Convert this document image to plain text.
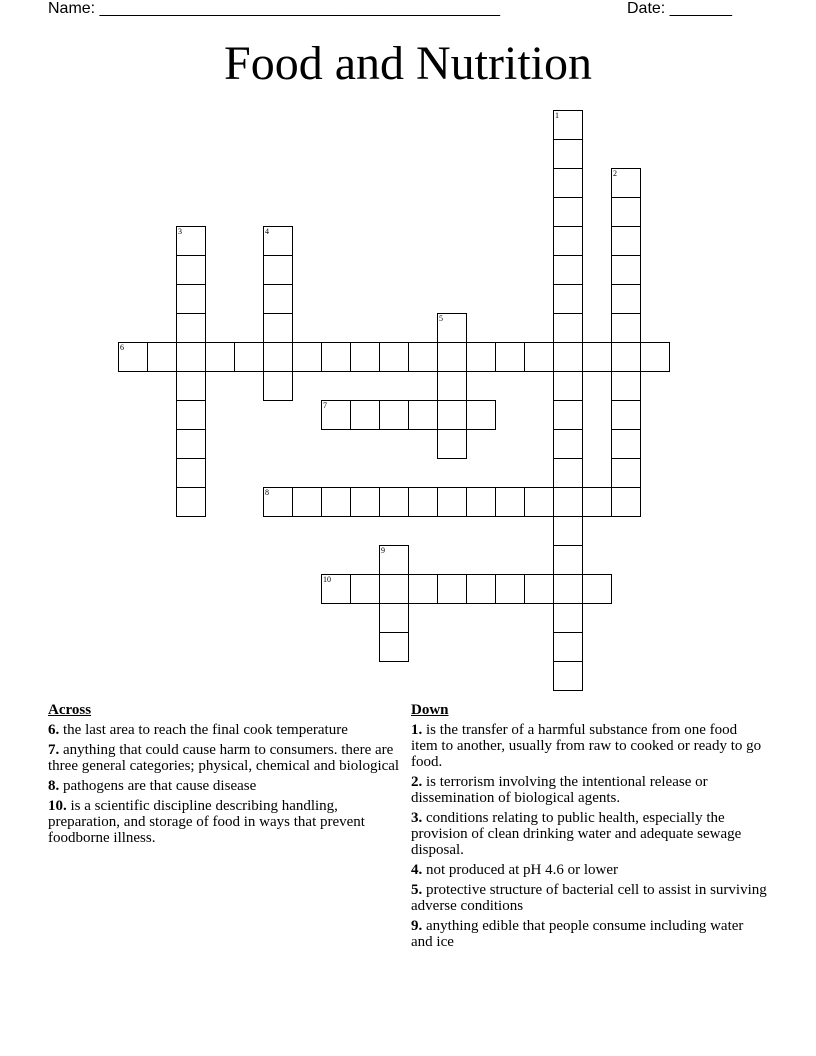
Name: _____________________________________________	Date: _______
Food and Nutrition
1
2
3	4
5
6
7
8
9
10
Across
6. the last area to reach the final cook temperature
7. anything that could cause harm to consumers. there are three general categories; physical, chemical and biological
8. pathogens are that cause disease
10. is a scientific discipline describing handling, preparation, and storage of food in ways that prevent foodborne illness.
Down
1. is the transfer of a harmful substance from one food item to another, usually from raw to cooked or ready to go food.
2. is terrorism involving the intentional release or dissemination of biological agents.
3. conditions relating to public health, especially the provision of clean drinking water and adequate sewage disposal.
4. not produced at pH 4.6 or lower
5. protective structure of bacterial cell to assist in surviving adverse conditions
9. anything edible that people consume including water and ice
